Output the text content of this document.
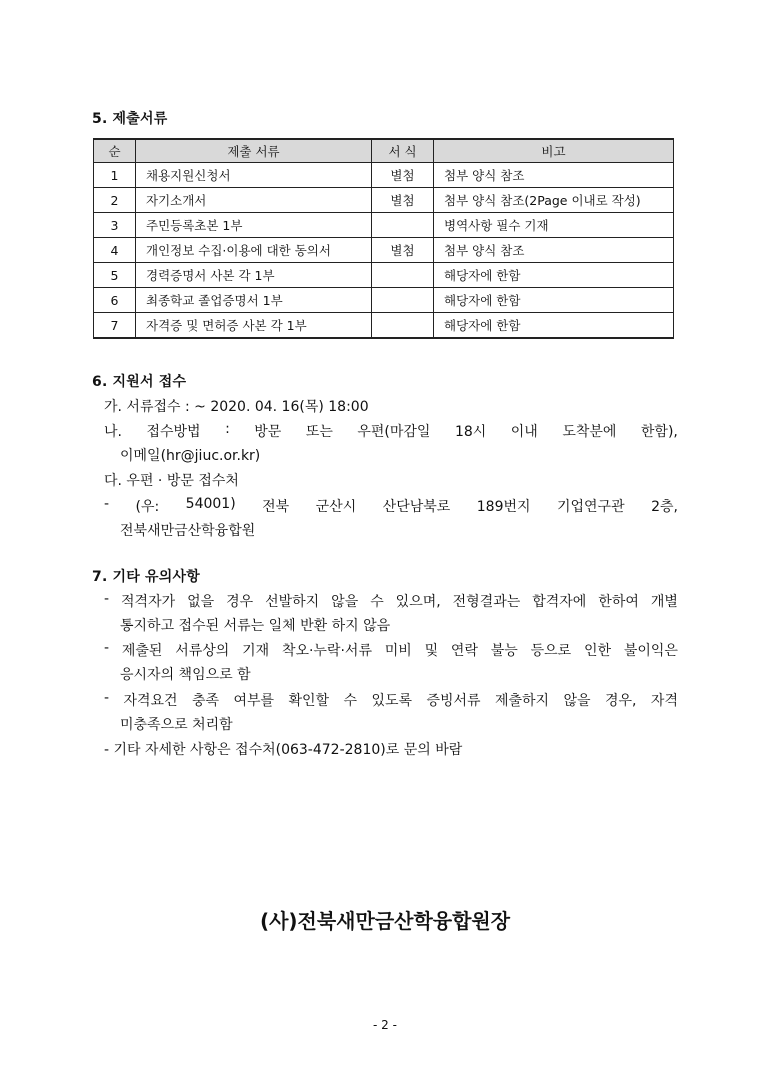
5. 제출서류
순	제출 서류	서 식	비고
1	채용지원신청서	별첨	첨부 양식 참조
2	자기소개서	별첨	첨부 양식 참조(2Page 이내로 작성)
3	주민등록초본 1부		병역사항 필수 기재
4	개인정보 수집·이용에 대한 동의서	별첨	첨부 양식 참조
5	경력증명서 사본 각 1부		해당자에 한함
6	최종학교 졸업증명서 1부		해당자에 한함
7	자격증 및 면허증 사본 각 1부		해당자에 한함
6. 지원서 접수
가. 서류접수 : ~ 2020. 04. 16(목) 18:00
나. 접수방법 : 방문 또는 우편(마감일 18시 이내 도착분에 한함),
이메일(hr@jiuc.or.kr)
다. 우편 · 방문 접수처
- (우: 54001) 전북 군산시 산단남북로 189번지 기업연구관 2층,
전북새만금산학융합원
7. 기타 유의사항
- 적격자가 없을 경우 선발하지 않을 수 있으며, 전형결과는 합격자에 한하여 개별
통지하고 접수된 서류는 일체 반환 하지 않음
- 제출된 서류상의 기재 착오·누락·서류 미비 및 연락 불능 등으로 인한 불이익은
응시자의 책임으로 함
- 자격요건 충족 여부를 확인할 수 있도록 증빙서류 제출하지 않을 경우, 자격
미충족으로 처리함
- 기타 자세한 사항은 접수처(063-472-2810)로 문의 바람
(사)전북새만금산학융합원장
- 2 -
